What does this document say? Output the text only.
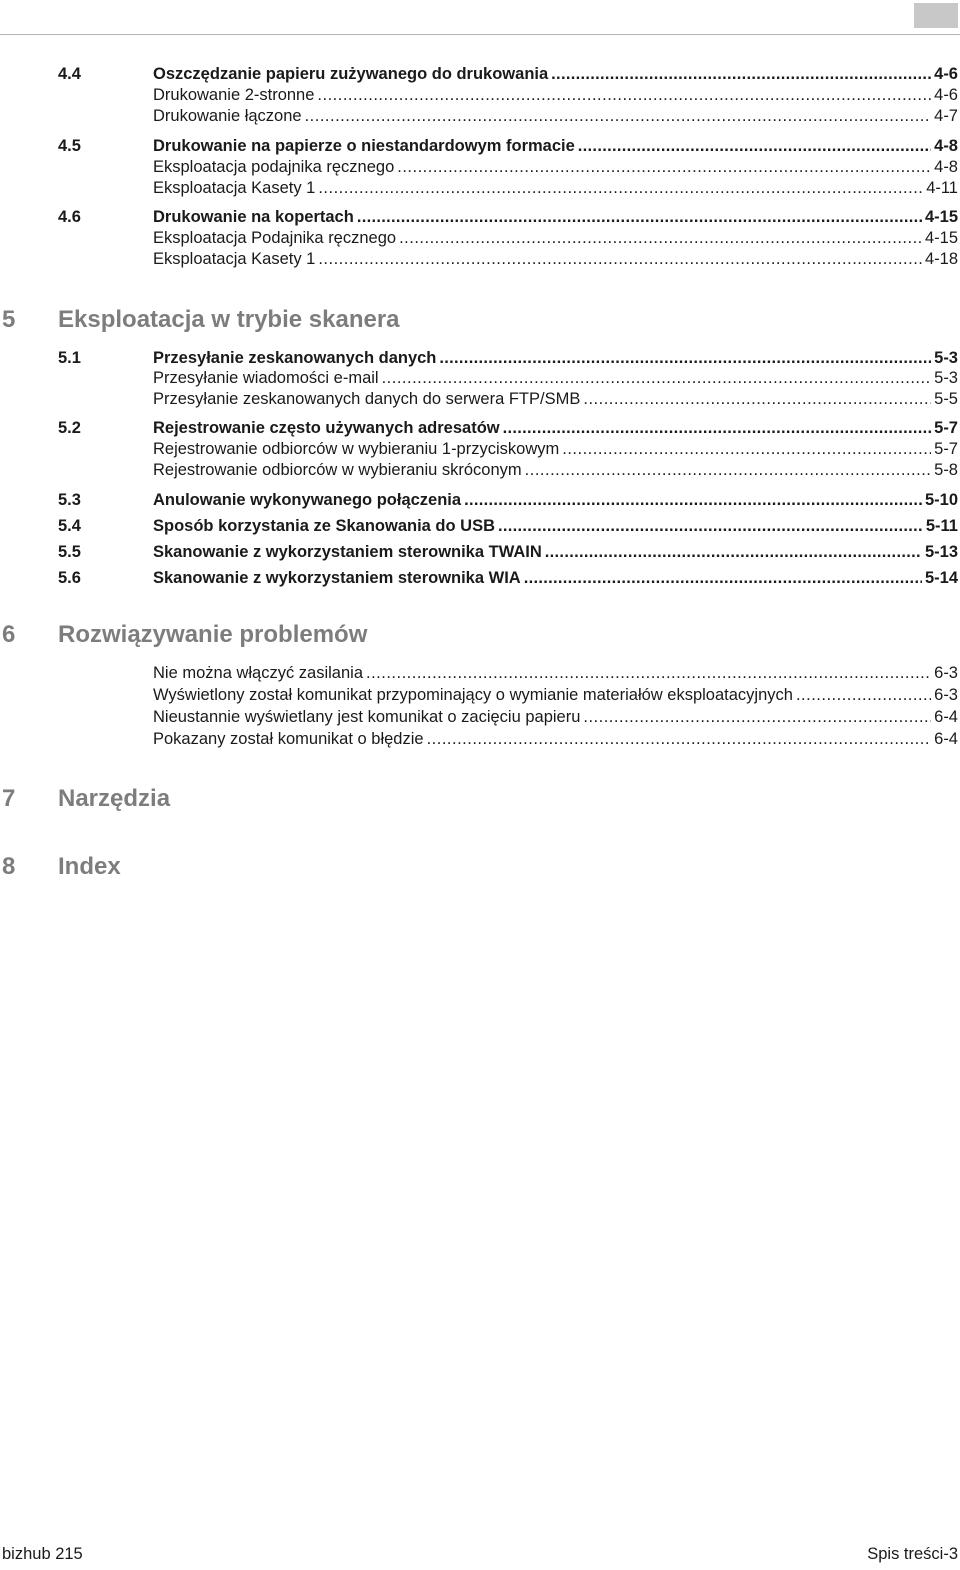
4.4	Oszczędzanie papieru zużywanego do drukowania .....	4-6
Drukowanie 2-stronne .....	4-6
Drukowanie łączone .....	4-7
4.5	Drukowanie na papierze o niestandardowym formacie .....	4-8
Eksploatacja podajnika ręcznego .....	4-8
Eksploatacja Kasety 1 .....	4-11
4.6	Drukowanie na kopertach .....	4-15
Eksploatacja Podajnika ręcznego .....	4-15
Eksploatacja Kasety 1 .....	4-18
5	Eksploatacja w trybie skanera
5.1	Przesyłanie zeskanowanych danych .....	5-3
Przesyłanie wiadomości e-mail .....	5-3
Przesyłanie zeskanowanych danych do serwera FTP/SMB .....	5-5
5.2	Rejestrowanie często używanych adresatów .....	5-7
Rejestrowanie odbiorców w wybieraniu 1-przyciskowym .....	5-7
Rejestrowanie odbiorców w wybieraniu skróconym .....	5-8
5.3	Anulowanie wykonywanego połączenia .....	5-10
5.4	Sposób korzystania ze Skanowania do USB .....	5-11
5.5	Skanowanie z wykorzystaniem sterownika TWAIN .....	5-13
5.6	Skanowanie z wykorzystaniem sterownika WIA .....	5-14
6	Rozwiązywanie problemów
Nie można włączyć zasilania .....	6-3
Wyświetlony został komunikat przypominający o wymianie materiałów eksploatacyjnych .....	6-3
Nieustannie wyświetlany jest komunikat o zacięciu papieru .....	6-4
Pokazany został komunikat o błędzie .....	6-4
7	Narzędzia
8	Index
bizhub 215	Spis treści-3
